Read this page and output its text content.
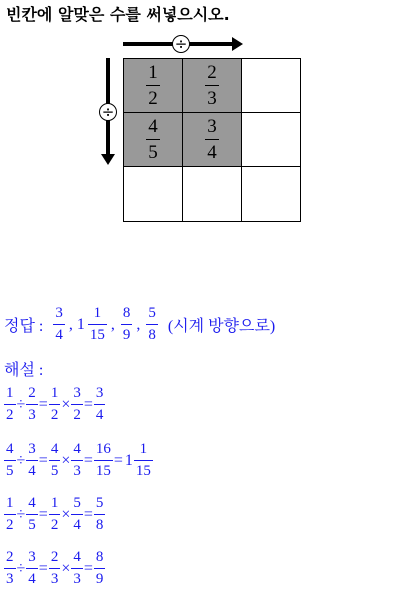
빈칸에 알맞은 수를 써넣으시오.
÷
÷
$\frac{1}{2} \frac{2}{3}$
$\frac{4}{5} \frac{3}{4}$
정답 : $\frac{3}{4}$ , $1 \frac{1}{15}$ , $\frac{8}{9}$ , $\frac{5}{8}$ (시계 방향으로)
해설 :
$\frac{1}{2} \div \frac{2}{3} = \frac{1}{2} \times \frac{3}{2} = \frac{3}{4}$
$\frac{4}{5} \div \frac{3}{4} = \frac{4}{5} \times \frac{4}{3} = \frac{16}{15} = 1 \frac{1}{15}$
$\frac{1}{2} \div \frac{4}{5} = \frac{1}{2} \times \frac{5}{4} = \frac{5}{8}$
$\frac{2}{3} \div \frac{3}{4} = \frac{2}{3} \times \frac{4}{3} = \frac{8}{9}$
